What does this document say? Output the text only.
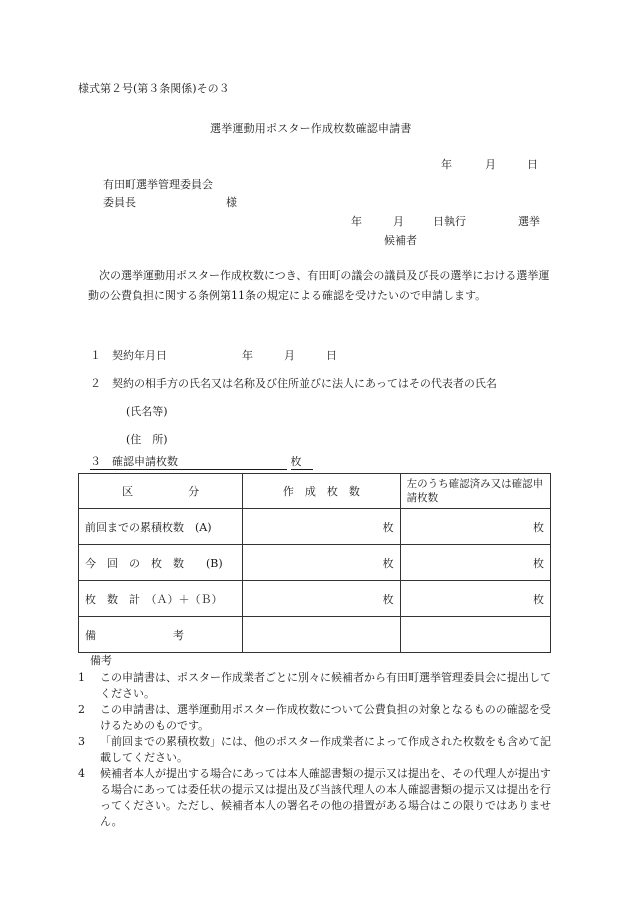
様式第２号(第３条関係)その３
選挙運動用ポスター作成枚数確認申請書
年	月	日
有田町選挙管理委員会
委員長	様
年	月	日執行	選挙
候補者
次の選挙運動用ポスター作成枚数につき、有田町の議会の議員及び長の選挙における選挙運動の公費負担に関する条例第11条の規定による確認を受けたいので申請します。
１　契約年月日	年	月	日
２　契約の相手方の氏名又は名称及び住所並びに法人にあってはその代表者の氏名
(氏名等)
(住　所)
３　確認申請枚数	枚
区　　　　　分	作　成　枚　数	左のうち確認済み又は確認申請枚数
前回までの累積枚数　(A)	枚	枚
今　回　の　枚　数　　(B)	枚	枚
枚　数　計　（Ａ）＋（Ｂ）	枚	枚
備　　　　　　　考		
備考
1 この申請書は、ポスター作成業者ごとに別々に候補者から有田町選挙管理委員会に提出してください。
2 この申請書は、選挙運動用ポスター作成枚数について公費負担の対象となるものの確認を受けるためのものです。
3 「前回までの累積枚数」には、他のポスター作成業者によって作成された枚数をも含めて記載してください。
4 候補者本人が提出する場合にあっては本人確認書類の提示又は提出を、その代理人が提出する場合にあっては委任状の提示又は提出及び当該代理人の本人確認書類の提示又は提出を行ってください。ただし、候補者本人の署名その他の措置がある場合はこの限りではありません。
